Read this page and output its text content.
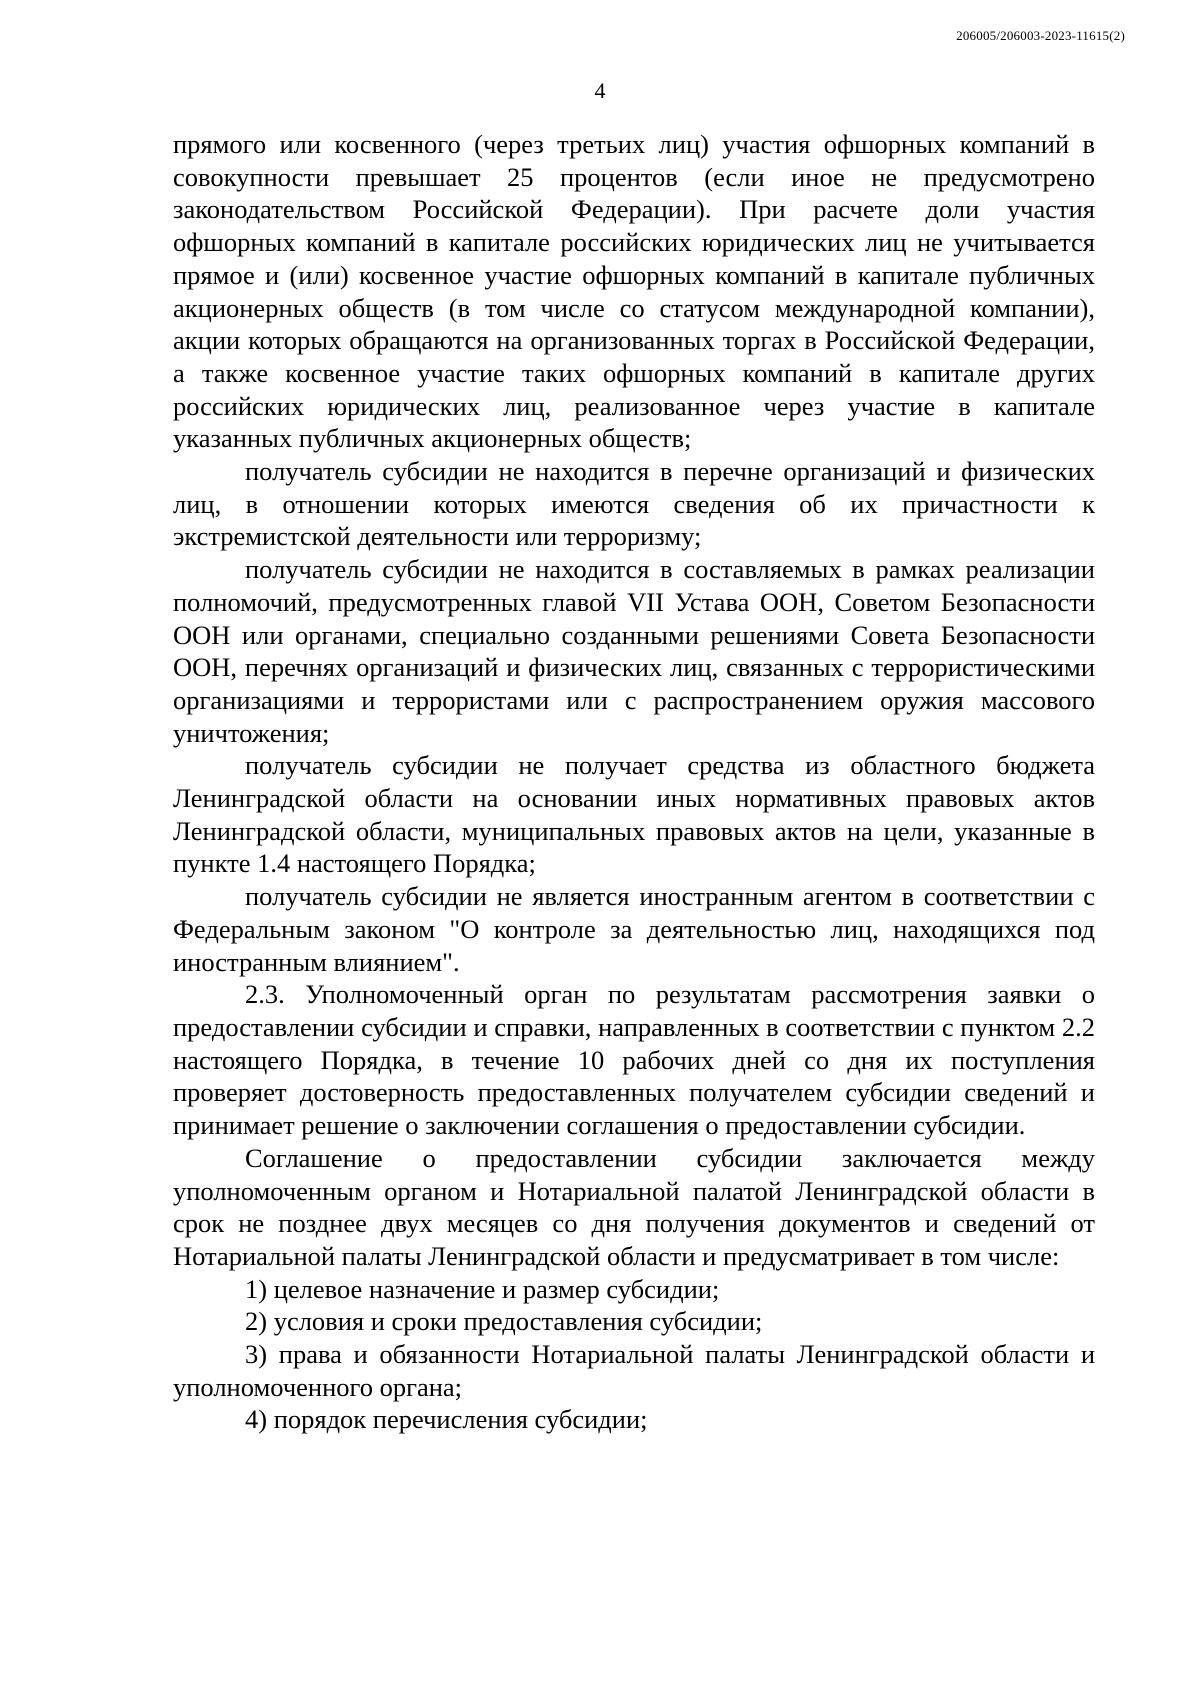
206005/206003-2023-11615(2)
4

прямого или косвенного (через третьих лиц) участия офшорных компаний в совокупности превышает 25 процентов (если иное не предусмотрено законодательством Российской Федерации). При расчете доли участия офшорных компаний в капитале российских юридических лиц не учитывается прямое и (или) косвенное участие офшорных компаний в капитале публичных акционерных обществ (в том числе со статусом международной компании), акции которых обращаются на организованных торгах в Российской Федерации, а также косвенное участие таких офшорных компаний в капитале других российских юридических лиц, реализованное через участие в капитале указанных публичных акционерных обществ;

получатель субсидии не находится в перечне организаций и физических лиц, в отношении которых имеются сведения об их причастности к экстремистской деятельности или терроризму;

получатель субсидии не находится в составляемых в рамках реализации полномочий, предусмотренных главой VII Устава ООН, Советом Безопасности ООН или органами, специально созданными решениями Совета Безопасности ООН, перечнях организаций и физических лиц, связанных с террористическими организациями и террористами или с распространением оружия массового уничтожения;

получатель субсидии не получает средства из областного бюджета Ленинградской области на основании иных нормативных правовых актов Ленинградской области, муниципальных правовых актов на цели, указанные в пункте 1.4 настоящего Порядка;

получатель субсидии не является иностранным агентом в соответствии с Федеральным законом "О контроле за деятельностью лиц, находящихся под иностранным влиянием".

2.3. Уполномоченный орган по результатам рассмотрения заявки о предоставлении субсидии и справки, направленных в соответствии с пунктом 2.2 настоящего Порядка, в течение 10 рабочих дней со дня их поступления проверяет достоверность предоставленных получателем субсидии сведений и принимает решение о заключении соглашения о предоставлении субсидии.

Соглашение о предоставлении субсидии заключается между уполномоченным органом и Нотариальной палатой Ленинградской области в срок не позднее двух месяцев со дня получения документов и сведений от Нотариальной палаты Ленинградской области и предусматривает в том числе:

1) целевое назначение и размер субсидии;

2) условия и сроки предоставления субсидии;

3) права и обязанности Нотариальной палаты Ленинградской области и уполномоченного органа;

4) порядок перечисления субсидии;
